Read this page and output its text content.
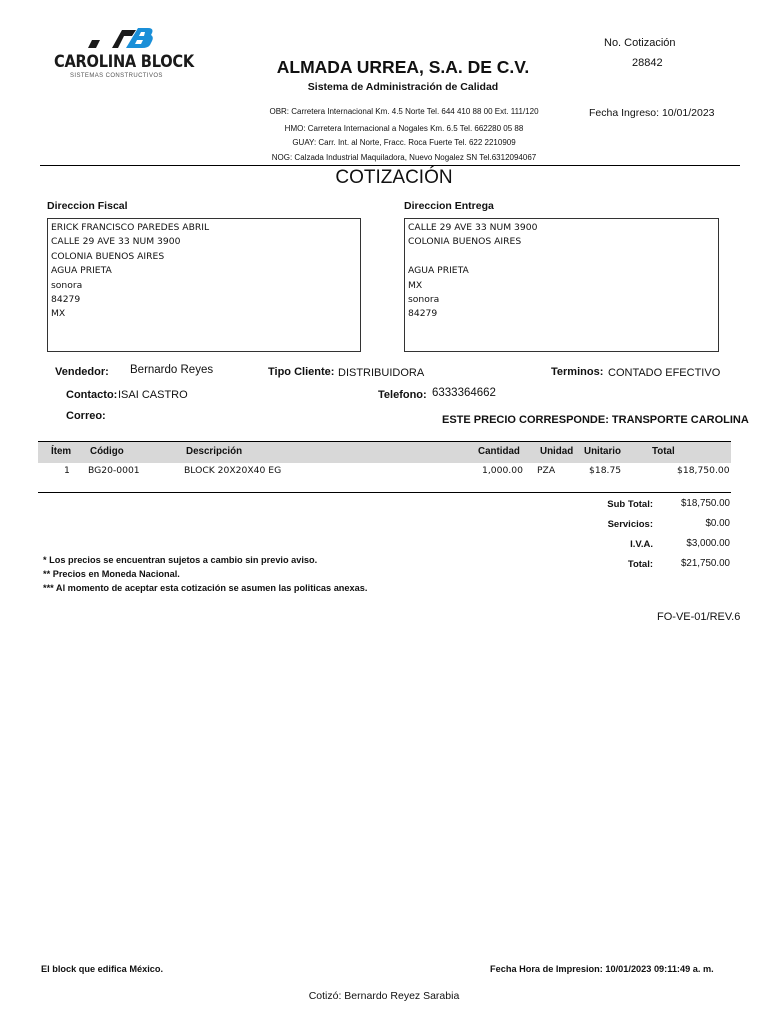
CAROLINA BLOCK
SISTEMAS CONSTRUCTIVOS	ALMADA URREA, S.A. DE C.V.
Sistema de Administración de Calidad
OBR: Carretera Internacional Km. 4.5 Norte Tel. 644 410 88 00 Ext. 111/120
HMO: Carretera Internacional a Nogales Km. 6.5 Tel. 662280 05 88
GUAY: Carr. Int. al Norte, Fracc. Roca Fuerte Tel. 622 2210909
NOG: Calzada Industrial Maquiladora, Nuevo Nogalez SN Tel.6312094067
No. Cotización
28842
Fecha Ingreso: 10/01/2023
COTIZACIÓN
Direccion Fiscal
ERICK FRANCISCO PAREDES ABRIL
CALLE 29 AVE 33 NUM 3900
COLONIA BUENOS AIRES
AGUA PRIETA
sonora
84279
MX
Direccion Entrega
CALLE 29 AVE 33 NUM 3900
COLONIA BUENOS AIRES
AGUA PRIETA
MX
sonora
84279
Vendedor: Bernardo Reyes	Tipo Cliente: DISTRIBUIDORA	Terminos: CONTADO EFECTIVO
Contacto: ISAI CASTRO	Telefono: 6333364662
Correo:	ESTE PRECIO CORRESPONDE: TRANSPORTE CAROLINA
Ítem Código	Descripción	Cantidad Unidad Unitario	Total
1 BG20-0001	BLOCK 20X20X40 EG	1,000.00 PZA	$18.75	$18,750.00
Sub Total:	$18,750.00
Servicios:	$0.00
I.V.A.	$3,000.00
Total:	$21,750.00
* Los precios se encuentran sujetos a cambio sin previo aviso.
** Precios en Moneda Nacional.
*** Al momento de aceptar esta cotización se asumen las politicas anexas.
FO-VE-01/REV.6
El block que edifica México.	Fecha Hora de Impresion: 10/01/2023 09:11:49 a. m.
Cotizó: Bernardo Reyez Sarabia
